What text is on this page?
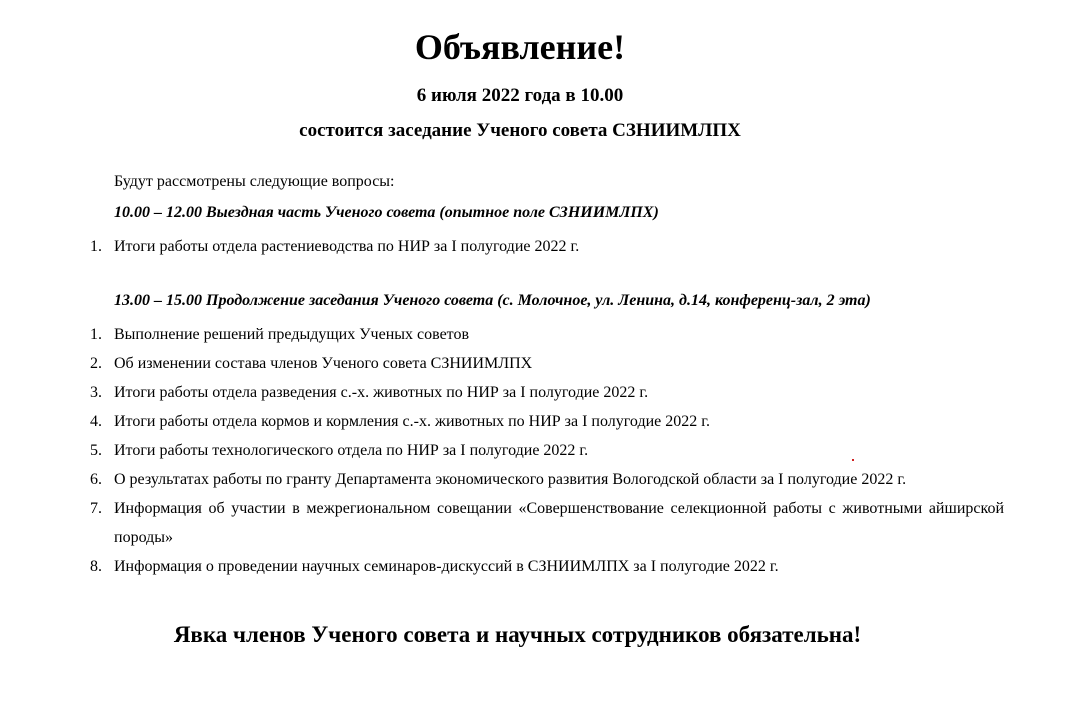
Объявление!
6 июля 2022 года в 10.00
состоится заседание Ученого совета СЗНИИМЛПХ
Будут рассмотрены следующие вопросы:
10.00 – 12.00 Выездная часть Ученого совета (опытное поле СЗНИИМЛПХ)
1. Итоги работы отдела растениеводства по НИР за I полугодие 2022 г.
13.00 – 15.00 Продолжение заседания Ученого совета (с. Молочное, ул. Ленина, д.14, конференц-зал, 2 эта)
1. Выполнение решений предыдущих Ученых советов
2. Об изменении состава членов Ученого совета СЗНИИМЛПХ
3. Итоги работы отдела разведения с.-х. животных по НИР за I полугодие 2022 г.
4. Итоги работы отдела кормов и кормления с.-х. животных по НИР за I полугодие 2022 г.
5. Итоги работы технологического отдела по НИР за I полугодие 2022 г.
6. О результатах работы по гранту Департамента экономического развития Вологодской области за I полугодие 2022 г.
7. Информация об участии в межрегиональном совещании «Совершенствование селекционной работы с животными айширской породы»
8. Информация о проведении научных семинаров-дискуссий в СЗНИИМЛПХ за I полугодие 2022 г.
Явка членов Ученого совета и научных сотрудников обязательна!
